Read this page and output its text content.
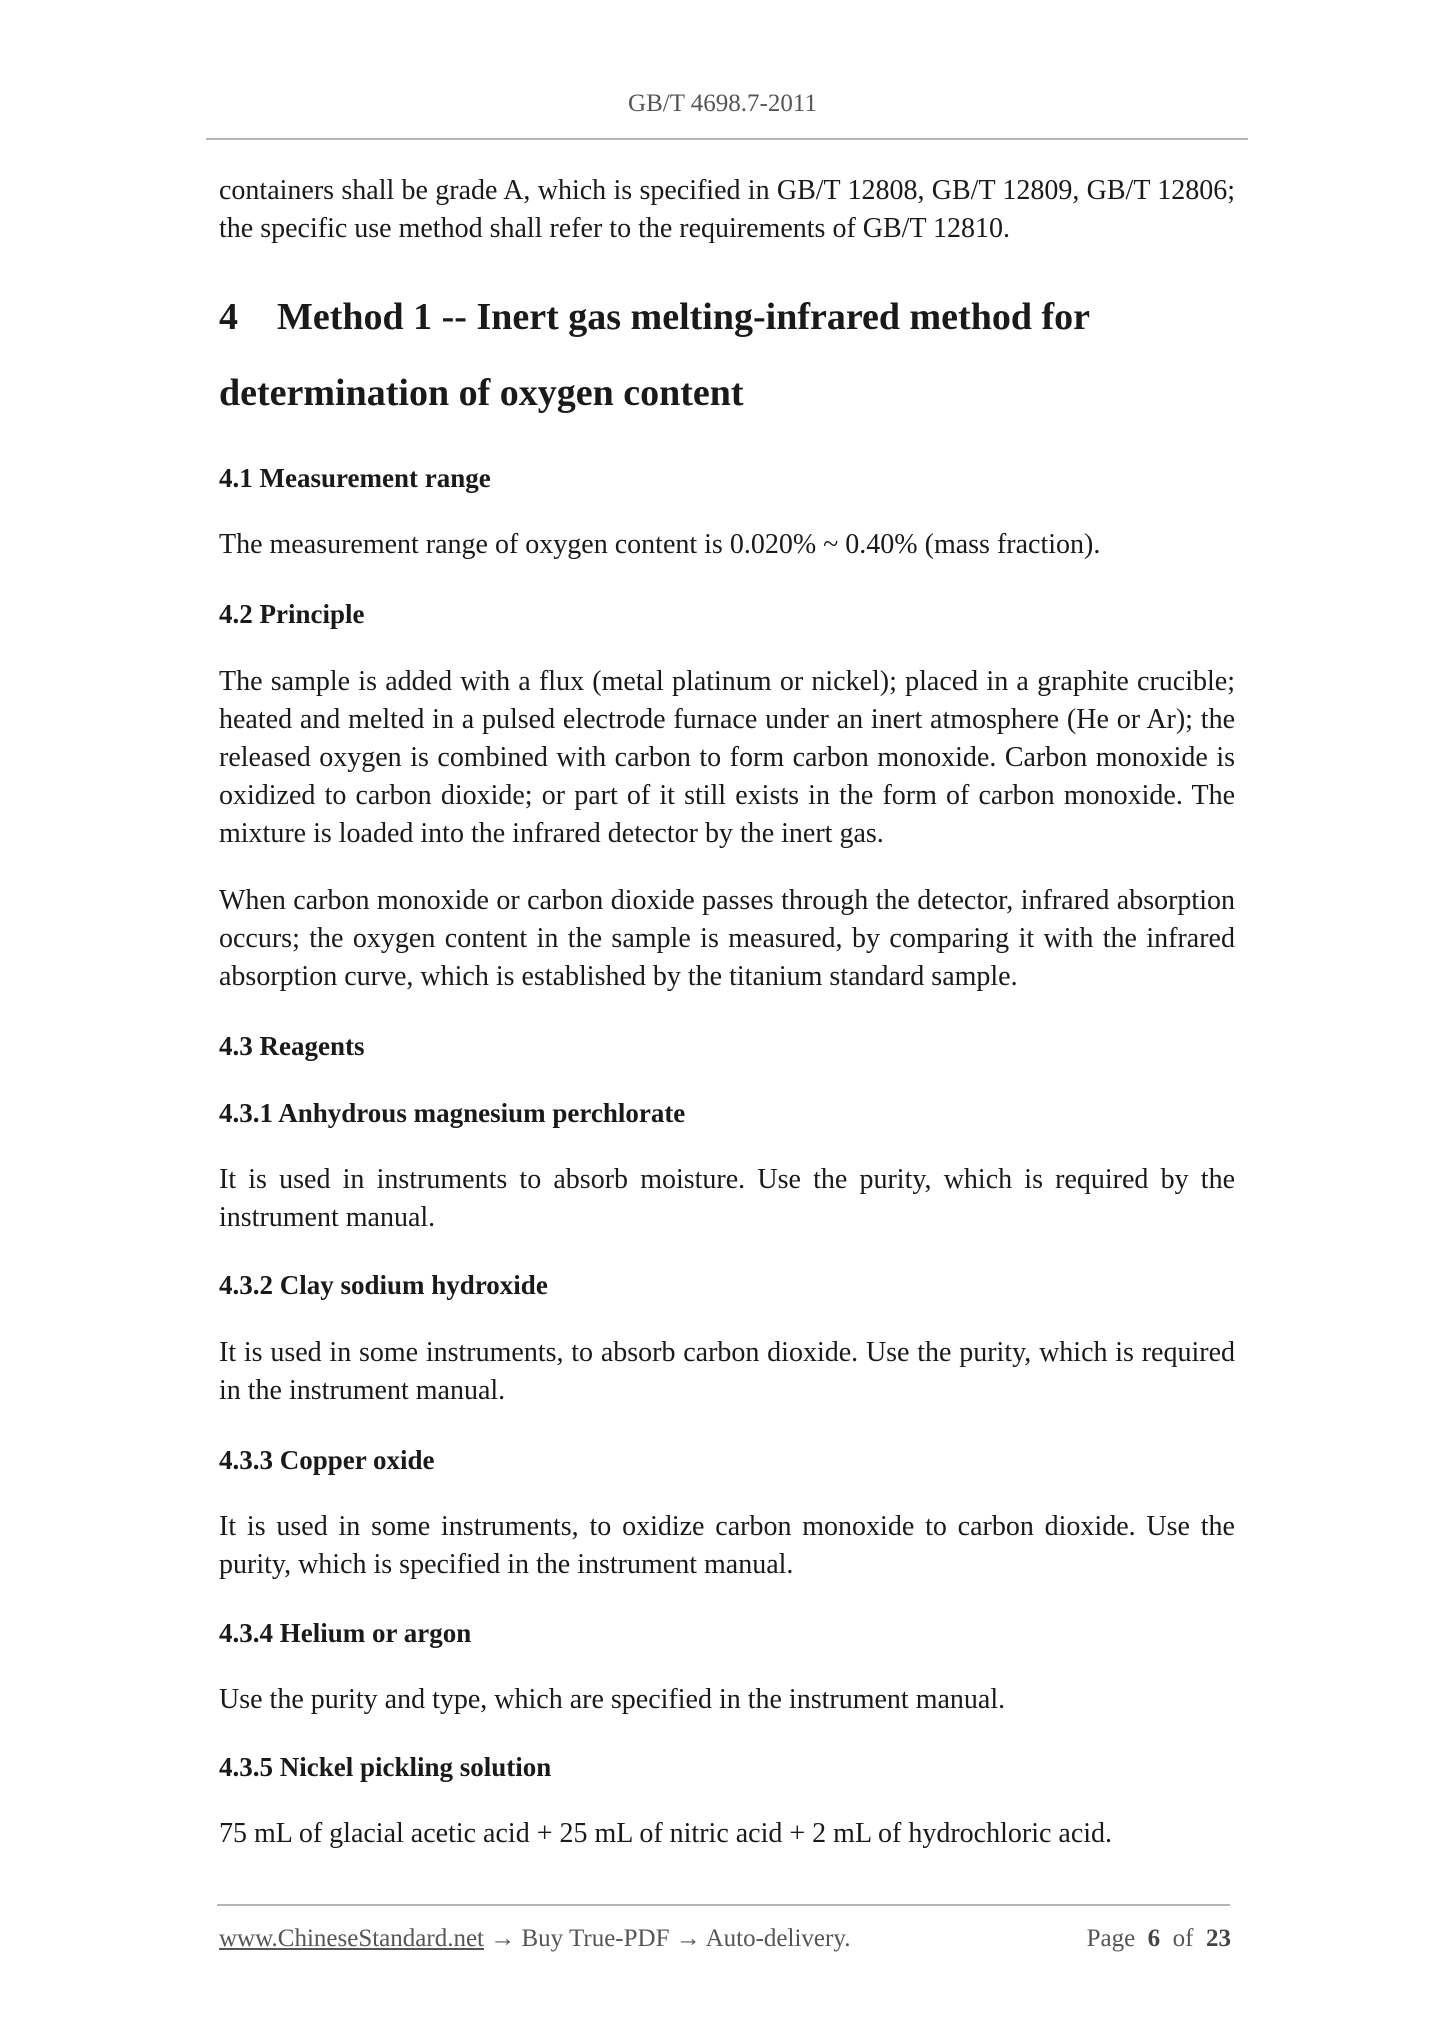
GB/T 4698.7-2011

containers shall be grade A, which is specified in GB/T 12808, GB/T 12809, GB/T 12806; the specific use method shall refer to the requirements of GB/T 12810.

4 Method 1 -- Inert gas melting-infrared method for
determination of oxygen content
4.1 Measurement range

The measurement range of oxygen content is 0.020% ~ 0.40% (mass fraction).

4.2 Principle

The sample is added with a flux (metal platinum or nickel); placed in a graphite crucible; heated and melted in a pulsed electrode furnace under an inert atmosphere (He or Ar); the released oxygen is combined with carbon to form carbon monoxide. Carbon monoxide is oxidized to carbon dioxide; or part of it still exists in the form of carbon monoxide. The mixture is loaded into the infrared detector by the inert gas.

When carbon monoxide or carbon dioxide passes through the detector, infrared absorption occurs; the oxygen content in the sample is measured, by comparing it with the infrared absorption curve, which is established by the titanium standard sample.

4.3 Reagents
4.3.1 Anhydrous magnesium perchlorate

It is used in instruments to absorb moisture. Use the purity, which is required by the instrument manual.

4.3.2 Clay sodium hydroxide

It is used in some instruments, to absorb carbon dioxide. Use the purity, which is required in the instrument manual.

4.3.3 Copper oxide

It is used in some instruments, to oxidize carbon monoxide to carbon dioxide. Use the purity, which is specified in the instrument manual.

4.3.4 Helium or argon

Use the purity and type, which are specified in the instrument manual.

4.3.5 Nickel pickling solution

75 mL of glacial acetic acid + 25 mL of nitric acid + 2 mL of hydrochloric acid.

www.ChineseStandard.net → Buy True-PDF → Auto-delivery.	Page 6 of 23
